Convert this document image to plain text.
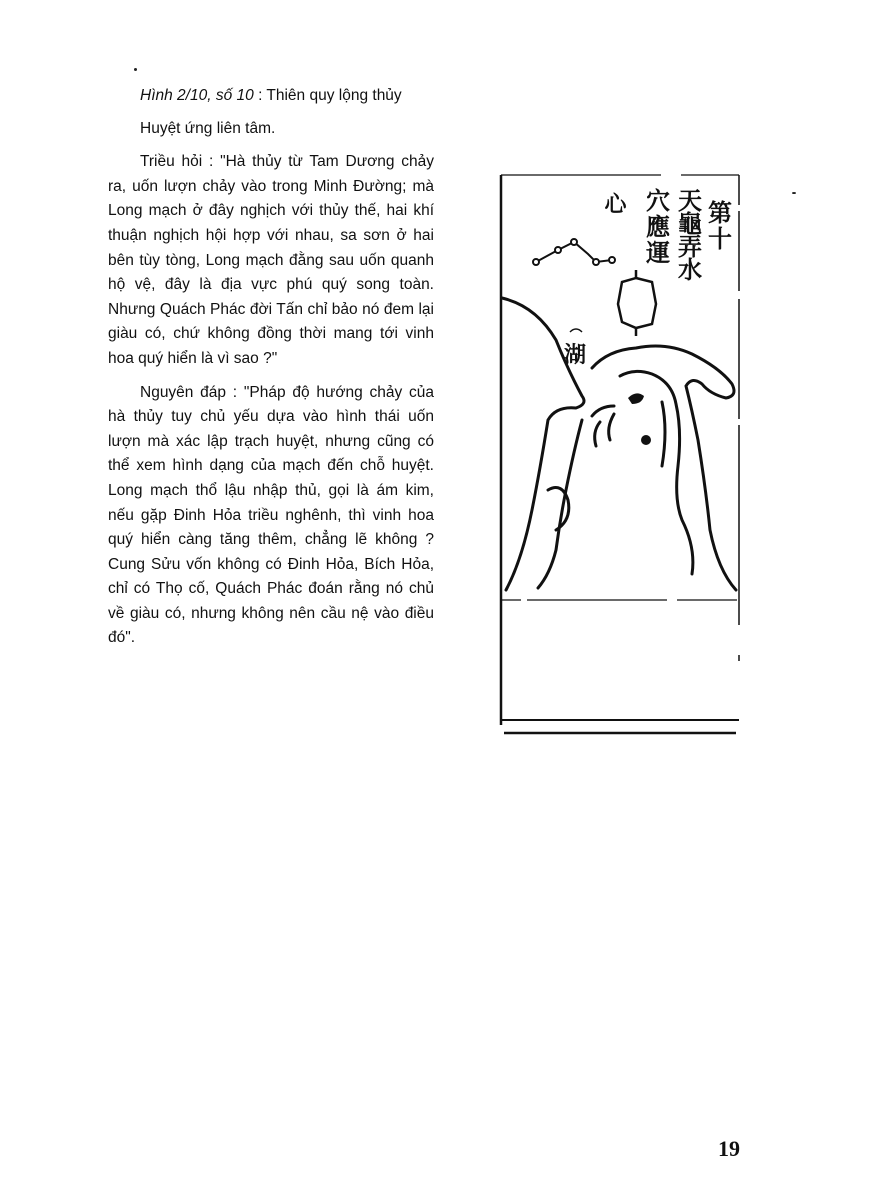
Hình 2/10, số 10 : Thiên quy lộng thủy

Huyệt ứng liên tâm.

Triều hỏi : "Hà thủy từ Tam Dương chảy ra, uốn lượn chảy vào trong Minh Đường; mà Long mạch ở đây nghịch với thủy thế, hai khí thuận nghịch hội hợp với nhau, sa sơn ở hai bên tùy tòng, Long mạch đằng sau uốn quanh hộ vệ, đây là địa vực phú quý song toàn. Nhưng Quách Phác đời Tấn chỉ bảo nó đem lại giàu có, chứ không đồng thời mang tới vinh hoa quý hiển là vì sao ?"

Nguyên đáp : "Pháp độ hướng chảy của hà thủy tuy chủ yếu dựa vào hình thái uốn lượn mà xác lập trạch huyệt, nhưng cũng có thể xem hình dạng của mạch đến chỗ huyệt. Long mạch thổ lậu nhập thủ, gọi là ám kim, nếu gặp Đinh Hỏa triều nghênh, thì vinh hoa quý hiển càng tăng thêm, chẳng lẽ không ? Cung Sửu vốn không có Đinh Hỏa, Bích Hỏa, chỉ có Thọ cố, Quách Phác đoán rằng nó chủ về giàu có, nhưng không nên cầu nệ vào điều đó".

第十
天龜弄水
穴應運
心
湖
19
